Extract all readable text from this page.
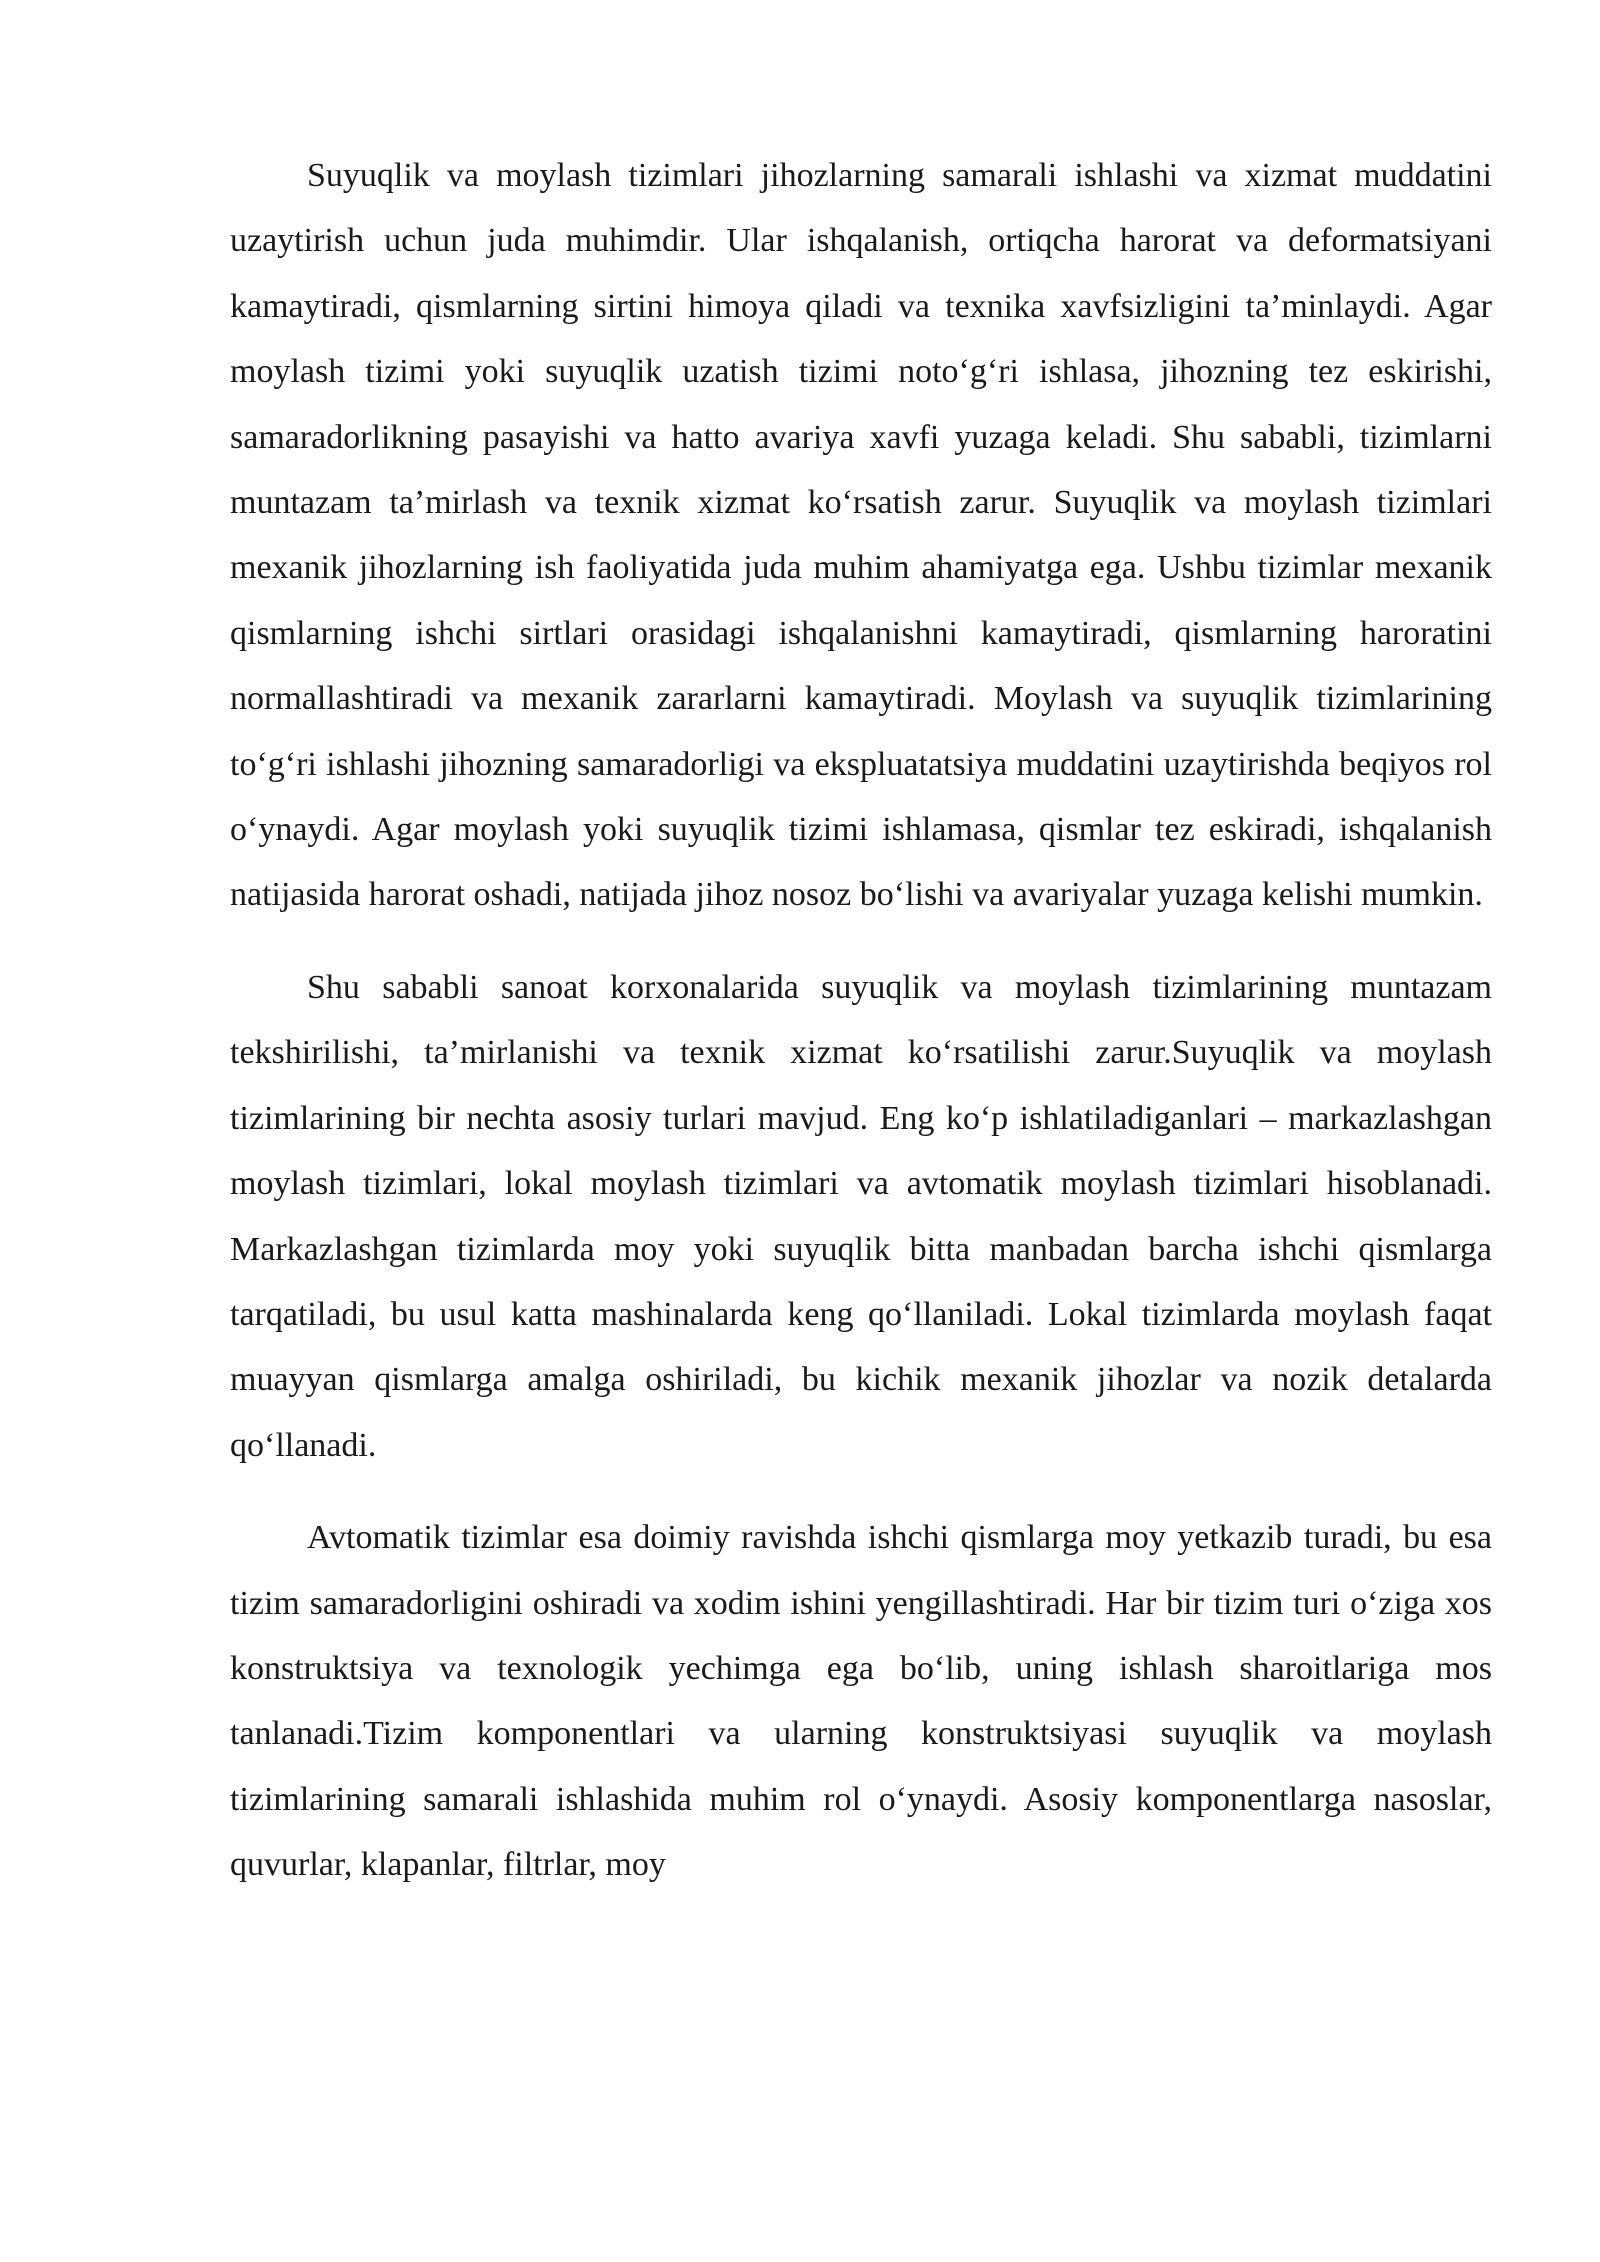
Suyuqlik va moylash tizimlari jihozlarning samarali ishlashi va xizmat muddatini uzaytirish uchun juda muhimdir. Ular ishqalanish, ortiqcha harorat va deformatsiyani kamaytiradi, qismlarning sirtini himoya qiladi va texnika xavfsizligini ta’minlaydi. Agar moylash tizimi yoki suyuqlik uzatish tizimi noto‘g‘ri ishlasa, jihozning tez eskirishi, samaradorlikning pasayishi va hatto avariya xavfi yuzaga keladi. Shu sababli, tizimlarni muntazam ta’mirlash va texnik xizmat ko‘rsatish zarur. Suyuqlik va moylash tizimlari mexanik jihozlarning ish faoliyatida juda muhim ahamiyatga ega. Ushbu tizimlar mexanik qismlarning ishchi sirtlari orasidagi ishqalanishni kamaytiradi, qismlarning haroratini normallashtiradi va mexanik zararlarni kamaytiradi. Moylash va suyuqlik tizimlarining to‘g‘ri ishlashi jihozning samaradorligi va ekspluatatsiya muddatini uzaytirishda beqiyos rol o‘ynaydi. Agar moylash yoki suyuqlik tizimi ishlamasa, qismlar tez eskiradi, ishqalanish natijasida harorat oshadi, natijada jihoz nosoz bo‘lishi va avariyalar yuzaga kelishi mumkin.

Shu sababli sanoat korxonalarida suyuqlik va moylash tizimlarining muntazam tekshirilishi, ta’mirlanishi va texnik xizmat ko‘rsatilishi zarur.Suyuqlik va moylash tizimlarining bir nechta asosiy turlari mavjud. Eng ko‘p ishlatiladiganlari – markazlashgan moylash tizimlari, lokal moylash tizimlari va avtomatik moylash tizimlari hisoblanadi. Markazlashgan tizimlarda moy yoki suyuqlik bitta manbadan barcha ishchi qismlarga tarqatiladi, bu usul katta mashinalarda keng qo‘llaniladi. Lokal tizimlarda moylash faqat muayyan qismlarga amalga oshiriladi, bu kichik mexanik jihozlar va nozik detalarda qo‘llanadi.

Avtomatik tizimlar esa doimiy ravishda ishchi qismlarga moy yetkazib turadi, bu esa tizim samaradorligini oshiradi va xodim ishini yengillashtiradi. Har bir tizim turi o‘ziga xos konstruktsiya va texnologik yechimga ega bo‘lib, uning ishlash sharoitlariga mos tanlanadi.Tizim komponentlari va ularning konstruktsiyasi suyuqlik va moylash tizimlarining samarali ishlashida muhim rol o‘ynaydi. Asosiy komponentlarga nasoslar, quvurlar, klapanlar, filtrlar, moy
